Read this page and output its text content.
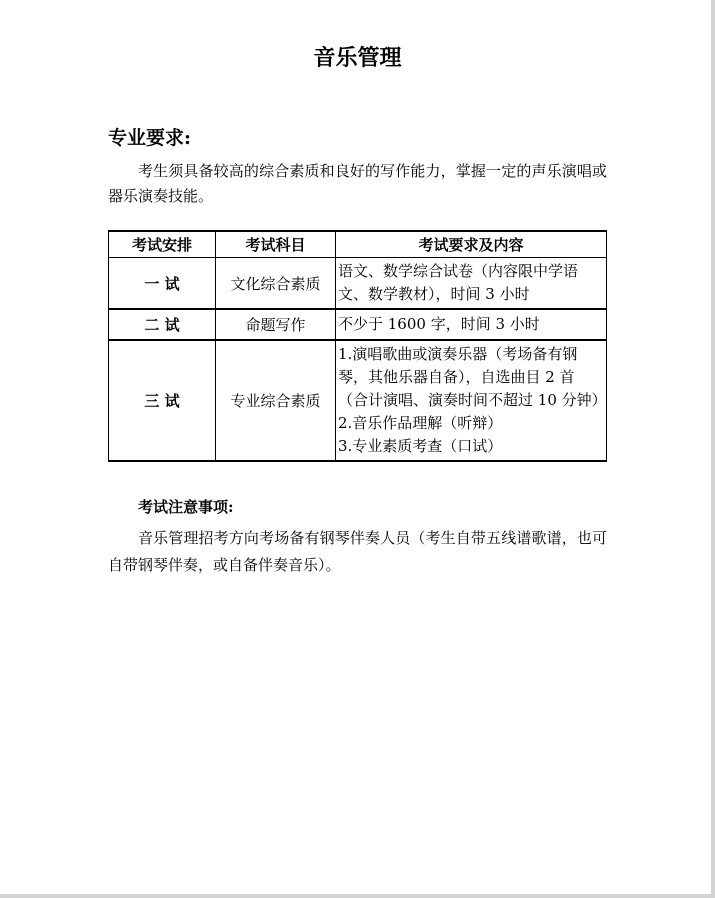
音乐管理
专业要求:

考生须具备较高的综合素质和良好的写作能力，掌握一定的声乐演唱或器乐演奏技能。

考试安排	考试科目	考试要求及内容
一 试	文化综合素质	语文、数学综合试卷（内容限中学语文、数学教材），时间 3 小时

二 试	命题写作	不少于 1600 字，时间 3 小时

三 试	专业综合素质	1.演唱歌曲或演奏乐器（考场备有钢琴，其他乐器自备），自选曲目 2 首（合计演唱、演奏时间不超过 10 分钟）
2.音乐作品理解（听辩）
3.专业素质考查（口试）
考试注意事项:

音乐管理招考方向考场备有钢琴伴奏人员（考生自带五线谱歌谱，也可自带钢琴伴奏，或自备伴奏音乐）。
